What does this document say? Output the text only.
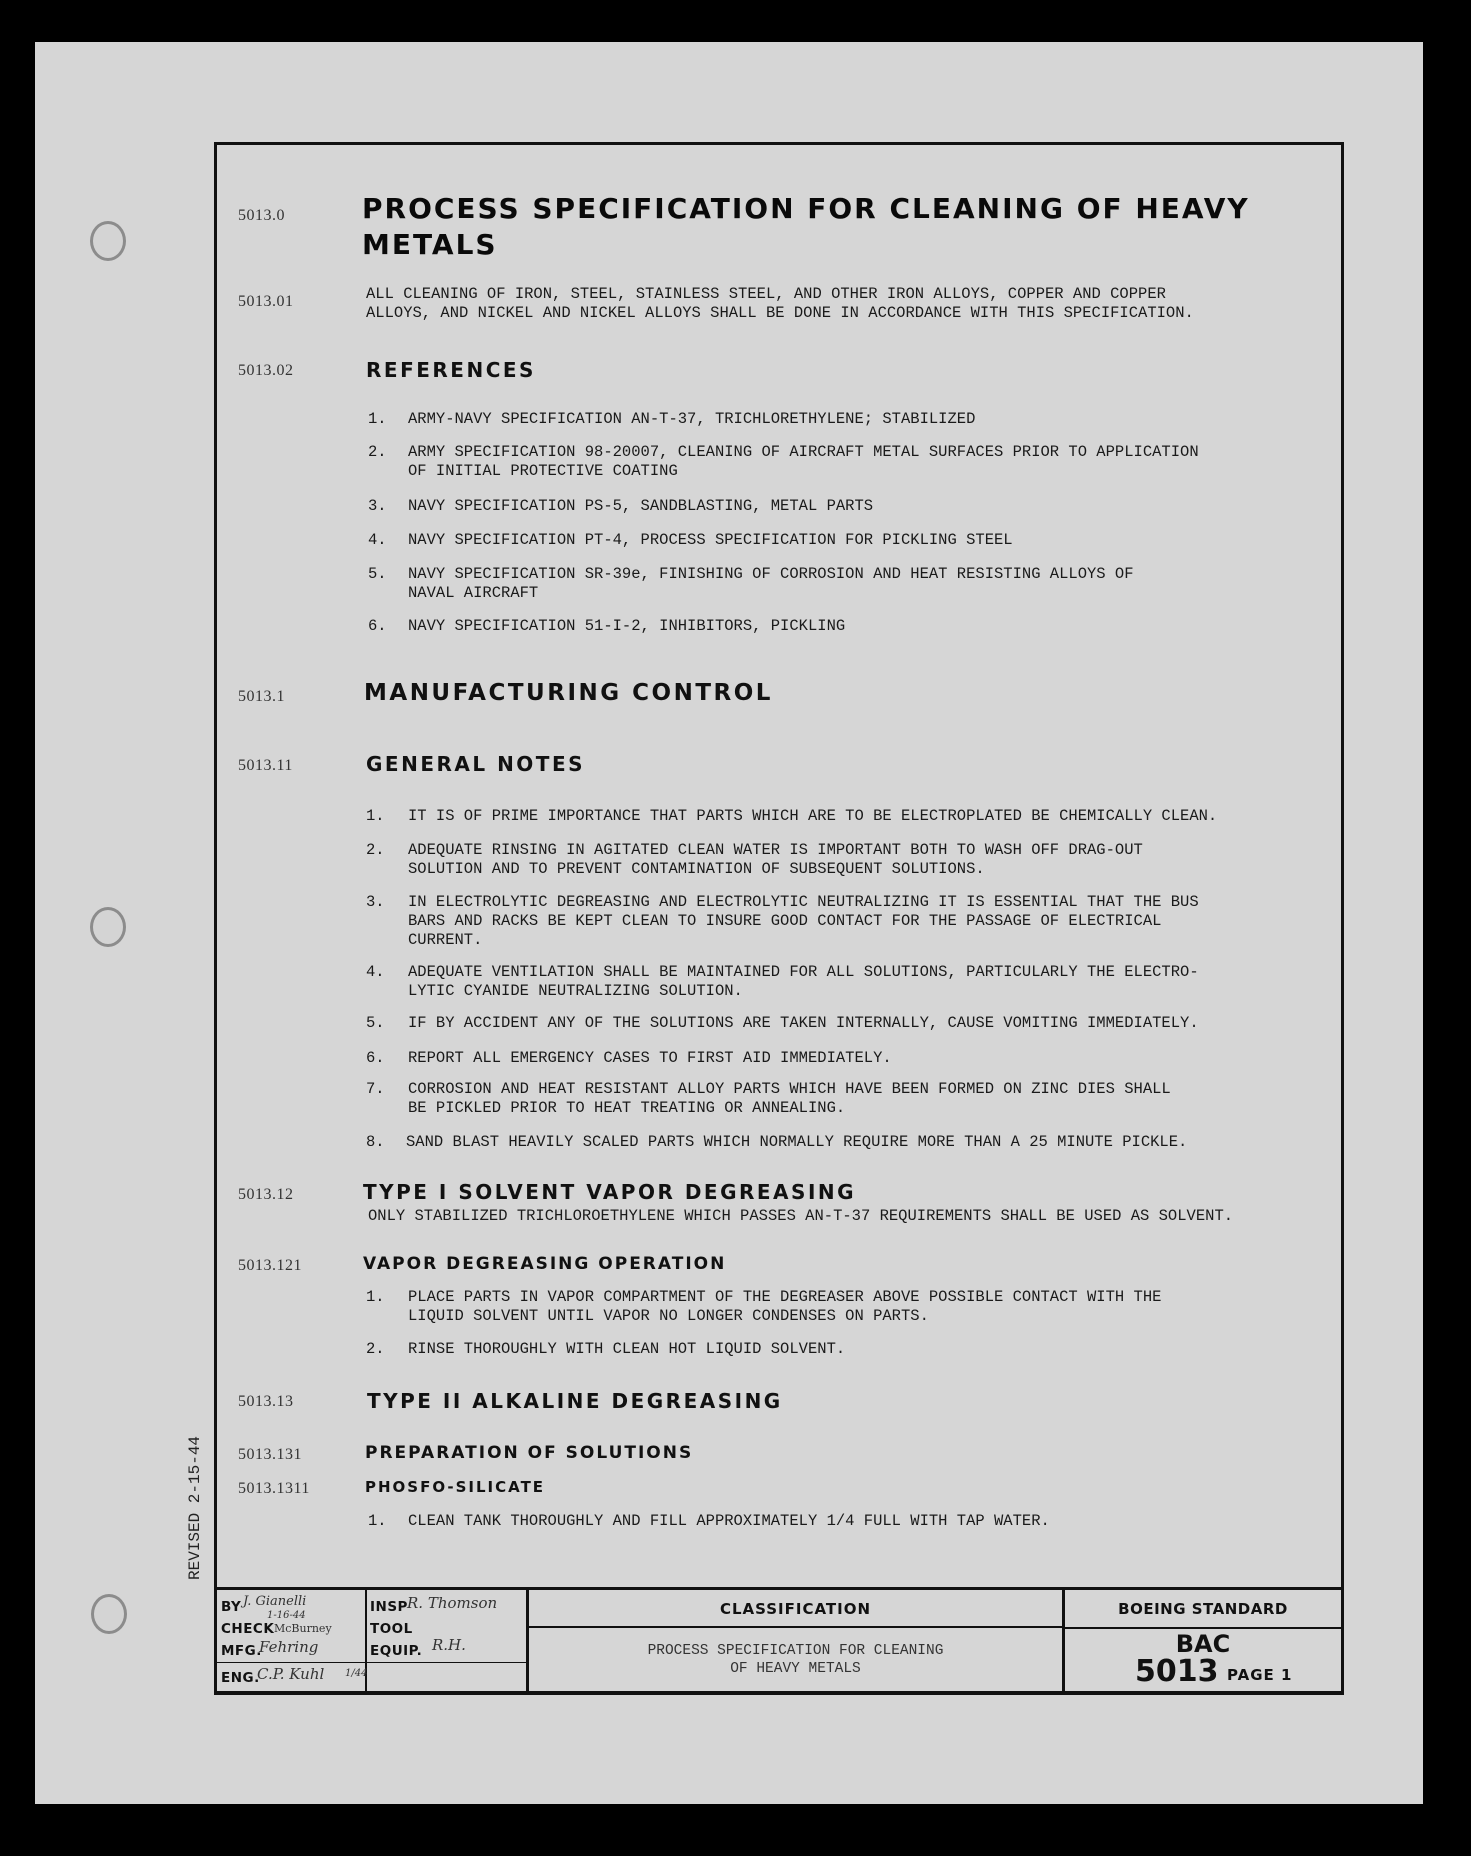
REVISED 2-15-44
5013.0	PROCESS SPECIFICATION FOR CLEANING OF HEAVY
METALS
5013.01	ALL CLEANING OF IRON, STEEL, STAINLESS STEEL, AND OTHER IRON ALLOYS, COPPER AND COPPER
ALLOYS, AND NICKEL AND NICKEL ALLOYS SHALL BE DONE IN ACCORDANCE WITH THIS SPECIFICATION.
5013.02	REFERENCES
1. ARMY-NAVY SPECIFICATION AN-T-37, TRICHLORETHYLENE; STABILIZED
2. ARMY SPECIFICATION 98-20007, CLEANING OF AIRCRAFT METAL SURFACES PRIOR TO APPLICATION
OF INITIAL PROTECTIVE COATING
3. NAVY SPECIFICATION PS-5, SANDBLASTING, METAL PARTS
4. NAVY SPECIFICATION PT-4, PROCESS SPECIFICATION FOR PICKLING STEEL
5. NAVY SPECIFICATION SR-39e, FINISHING OF CORROSION AND HEAT RESISTING ALLOYS OF
NAVAL AIRCRAFT
6. NAVY SPECIFICATION 51-I-2, INHIBITORS, PICKLING
5013.1	MANUFACTURING CONTROL
5013.11	GENERAL NOTES
1. IT IS OF PRIME IMPORTANCE THAT PARTS WHICH ARE TO BE ELECTROPLATED BE CHEMICALLY CLEAN.
2. ADEQUATE RINSING IN AGITATED CLEAN WATER IS IMPORTANT BOTH TO WASH OFF DRAG-OUT
SOLUTION AND TO PREVENT CONTAMINATION OF SUBSEQUENT SOLUTIONS.
3. IN ELECTROLYTIC DEGREASING AND ELECTROLYTIC NEUTRALIZING IT IS ESSENTIAL THAT THE BUS
BARS AND RACKS BE KEPT CLEAN TO INSURE GOOD CONTACT FOR THE PASSAGE OF ELECTRICAL
CURRENT.
4. ADEQUATE VENTILATION SHALL BE MAINTAINED FOR ALL SOLUTIONS, PARTICULARLY THE ELECTRO-
LYTIC CYANIDE NEUTRALIZING SOLUTION.
5. IF BY ACCIDENT ANY OF THE SOLUTIONS ARE TAKEN INTERNALLY, CAUSE VOMITING IMMEDIATELY.
6. REPORT ALL EMERGENCY CASES TO FIRST AID IMMEDIATELY.
7. CORROSION AND HEAT RESISTANT ALLOY PARTS WHICH HAVE BEEN FORMED ON ZINC DIES SHALL
BE PICKLED PRIOR TO HEAT TREATING OR ANNEALING.
8. SAND BLAST HEAVILY SCALED PARTS WHICH NORMALLY REQUIRE MORE THAN A 25 MINUTE PICKLE.
5013.12	TYPE I SOLVENT VAPOR DEGREASING
ONLY STABILIZED TRICHLOROETHYLENE WHICH PASSES AN-T-37 REQUIREMENTS SHALL BE USED AS SOLVENT.
5013.121	VAPOR DEGREASING OPERATION
1. PLACE PARTS IN VAPOR COMPARTMENT OF THE DEGREASER ABOVE POSSIBLE CONTACT WITH THE
LIQUID SOLVENT UNTIL VAPOR NO LONGER CONDENSES ON PARTS.
2. RINSE THOROUGHLY WITH CLEAN HOT LIQUID SOLVENT.
5013.13	TYPE II ALKALINE DEGREASING
5013.131	PREPARATION OF SOLUTIONS
5013.1311	PHOSFO-SILICATE
1. CLEAN TANK THOROUGHLY AND FILL APPROXIMATELY 1/4 FULL WITH TAP WATER.
BY J. Gianelli
1-16-44
CHECK McBurney
MFG.
Fehring
ENG.
C.P. Kuhl 1/44
INSP R. Thomson
TOOL
EQUIP. R.H.
CLASSIFICATION
PROCESS SPECIFICATION FOR CLEANING
OF HEAVY METALS
BOEING STANDARD
BAC
5013 PAGE 1
